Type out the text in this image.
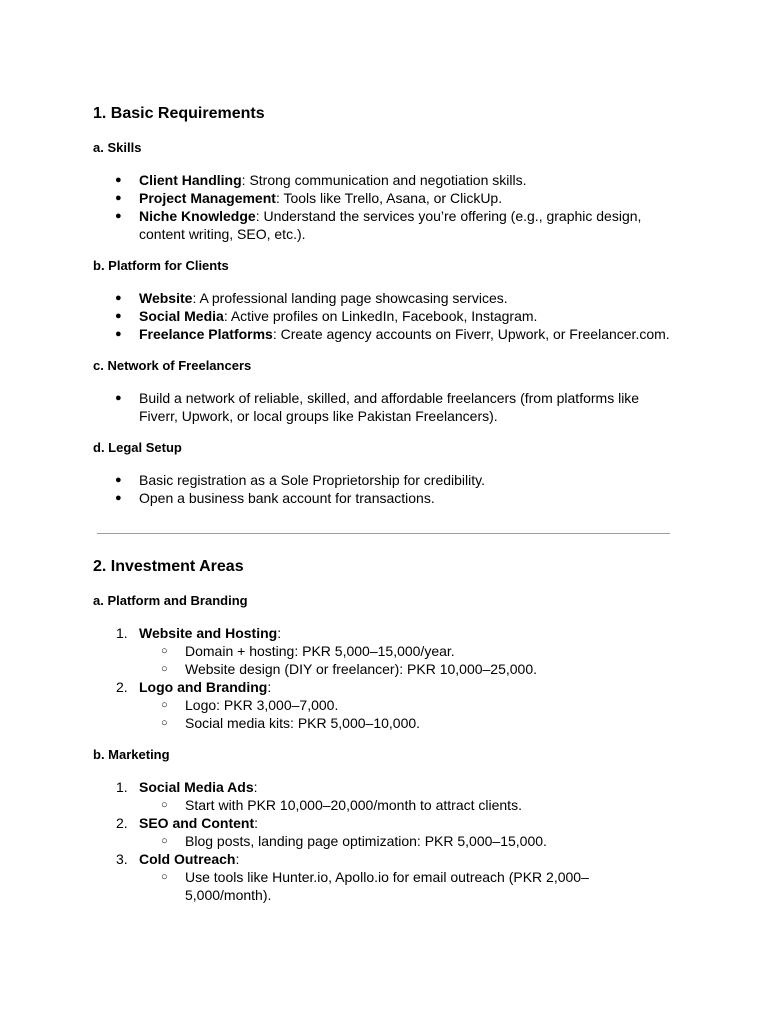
1. Basic Requirements
a. Skills
● Client Handling: Strong communication and negotiation skills.
● Project Management: Tools like Trello, Asana, or ClickUp.
● Niche Knowledge: Understand the services you’re offering (e.g., graphic design, content writing, SEO, etc.).
b. Platform for Clients
● Website: A professional landing page showcasing services.
● Social Media: Active profiles on LinkedIn, Facebook, Instagram.
● Freelance Platforms: Create agency accounts on Fiverr, Upwork, or Freelancer.com.
c. Network of Freelancers
● Build a network of reliable, skilled, and affordable freelancers (from platforms like Fiverr, Upwork, or local groups like Pakistan Freelancers).
d. Legal Setup
● Basic registration as a Sole Proprietorship for credibility.
● Open a business bank account for transactions.
2. Investment Areas
a. Platform and Branding
1. Website and Hosting:
○ Domain + hosting: PKR 5,000–15,000/year.
○ Website design (DIY or freelancer): PKR 10,000–25,000.
2. Logo and Branding:
○ Logo: PKR 3,000–7,000.
○ Social media kits: PKR 5,000–10,000.
b. Marketing
1. Social Media Ads:
○ Start with PKR 10,000–20,000/month to attract clients.
2. SEO and Content:
○ Blog posts, landing page optimization: PKR 5,000–15,000.
3. Cold Outreach:
○ Use tools like Hunter.io, Apollo.io for email outreach (PKR 2,000–5,000/month).
